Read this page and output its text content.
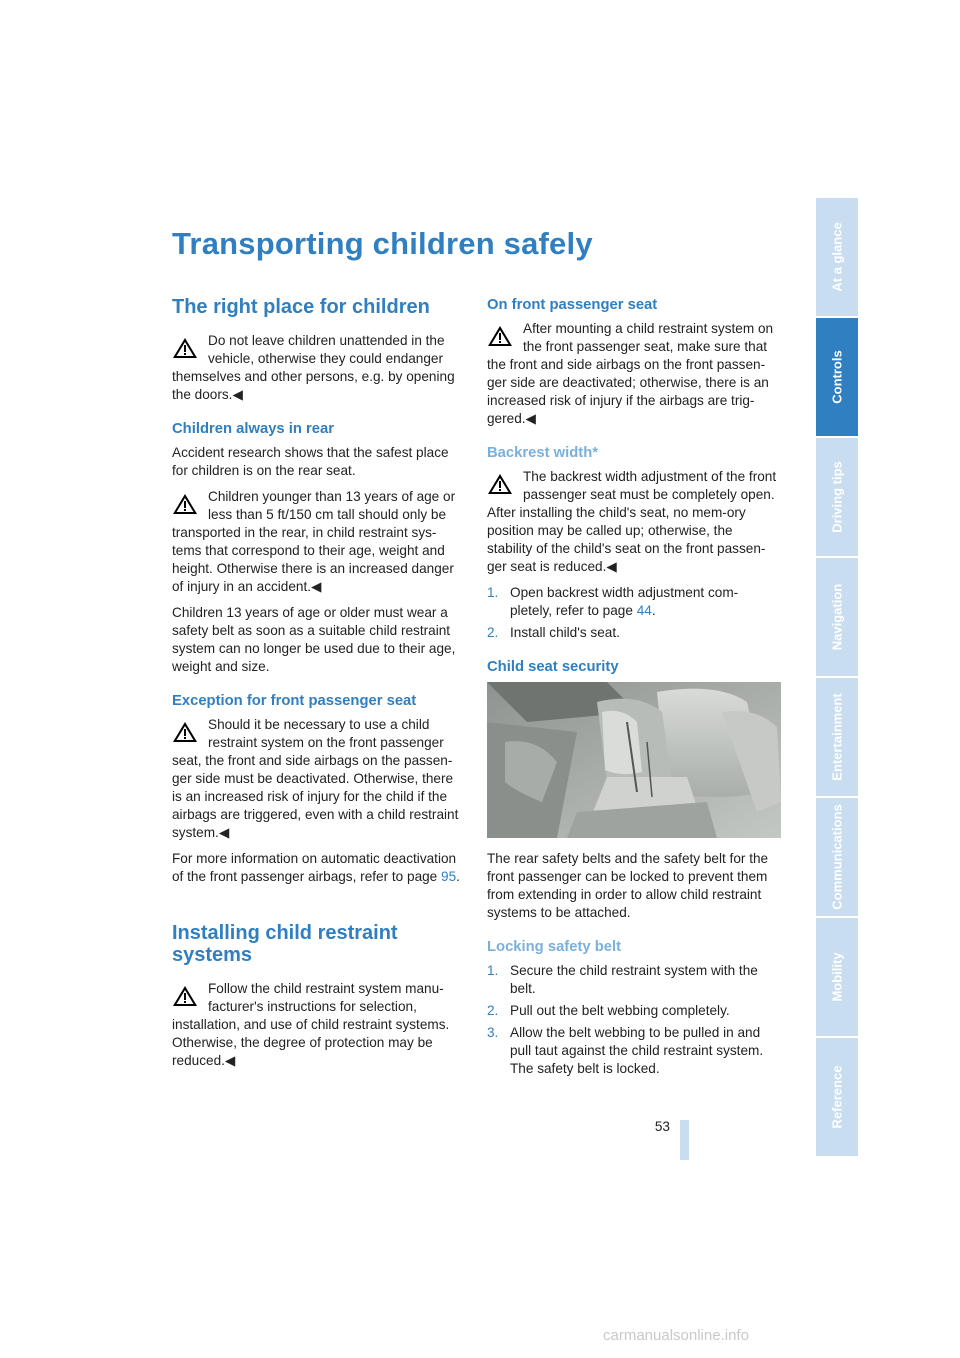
Transporting children safely
The right place for children
Do not leave children unattended in the vehicle, otherwise they could endanger themselves and other persons, e.g. by opening the doors.◀
Children always in rear

Accident research shows that the safest place for children is on the rear seat.

Children younger than 13 years of age or less than 5 ft/150 cm tall should only be transported in the rear, in child restraint sys-tems that correspond to their age, weight and height. Otherwise there is an increased danger of injury in an accident.◀

Children 13 years of age or older must wear a safety belt as soon as a suitable child restraint system can no longer be used due to their age, weight and size.

Exception for front passenger seat
Should it be necessary to use a child restraint system on the front passenger seat, the front and side airbags on the passen-ger side must be deactivated. Otherwise, there is an increased risk of injury for the child if the airbags are triggered, even with a child restraint system.◀

For more information on automatic deactivation of the front passenger airbags, refer to page 95.

Installing child restraint systems
Follow the child restraint system manu-facturer's instructions for selection, installation, and use of child restraint systems. Otherwise, the degree of protection may be reduced.◀
On front passenger seat
After mounting a child restraint system on the front passenger seat, make sure that the front and side airbags on the front passen-ger side are deactivated; otherwise, there is an increased risk of injury if the airbags are trig-gered.◀
Backrest width*
The backrest width adjustment of the front passenger seat must be completely open. After installing the child's seat, no mem-ory position may be called up; otherwise, the stability of the child's seat on the front passen-ger seat is reduced.◀
1. Open backrest width adjustment com-pletely, refer to page 44.
2. Install child's seat.
Child seat security

The rear safety belts and the safety belt for the front passenger can be locked to prevent them from extending in order to allow child restraint systems to be attached.

Locking safety belt
1. Secure the child restraint system with the belt.
2. Pull out the belt webbing completely.
3. Allow the belt webbing to be pulled in and pull taut against the child restraint system. The safety belt is locked.
53
At a glance
Controls
Driving tips
Navigation
Entertainment
Communications
Mobility
Reference
carmanualsonline.info
